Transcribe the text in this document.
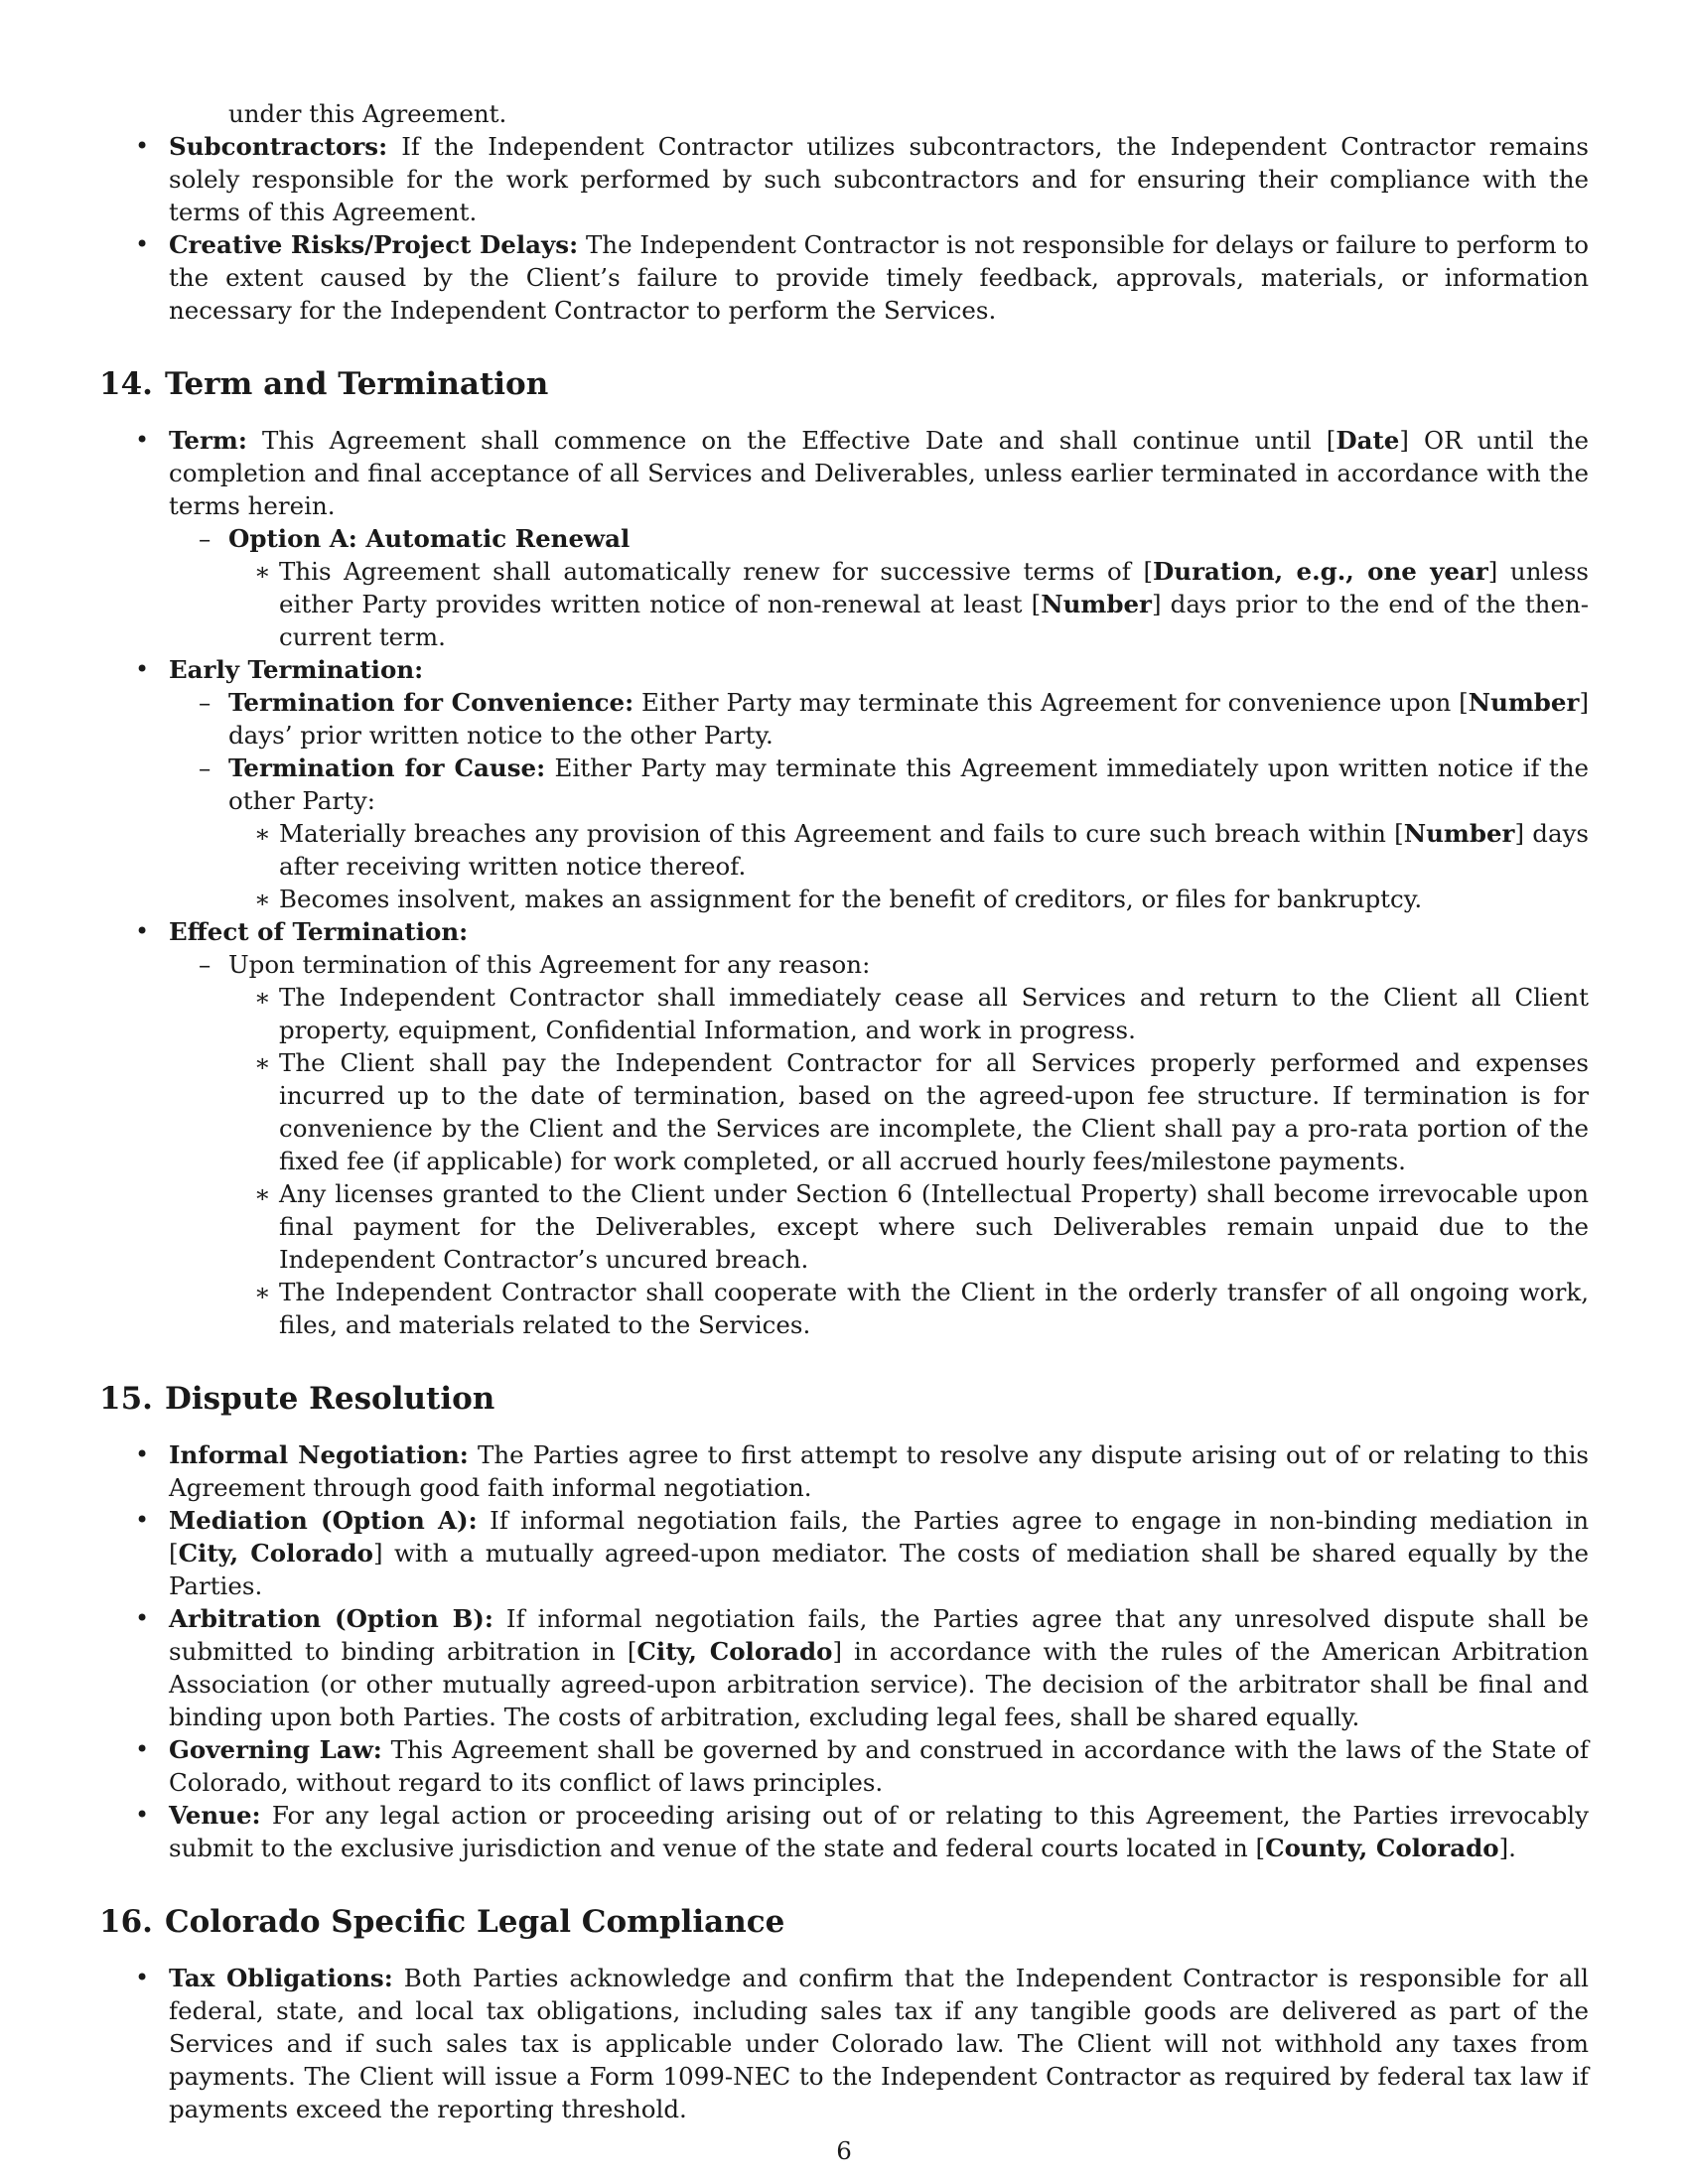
under this Agreement.

• Subcontractors: If the Independent Contractor utilizes subcontractors, the Independent Contractor remains solely responsible for the work performed by such subcontractors and for ensuring their compliance with the terms of this Agreement.
• Creative Risks/Project Delays: The Independent Contractor is not responsible for delays or failure to perform to the extent caused by the Client’s failure to provide timely feedback, approvals, materials, or information necessary for the Independent Contractor to perform the Services.
14. Term and Termination
• Term: This Agreement shall commence on the Effective Date and shall continue until [Date] OR until the completion and final acceptance of all Services and Deliverables, unless earlier terminated in accordance with the terms herein.
– Option A: Automatic Renewal
∗ This Agreement shall automatically renew for successive terms of [Duration, e.g., one year] unless either Party provides written notice of non-renewal at least [Number] days prior to the end of the then-current term.
• Early Termination:
– Termination for Convenience: Either Party may terminate this Agreement for convenience upon [Number] days’ prior written notice to the other Party.
– Termination for Cause: Either Party may terminate this Agreement immediately upon written notice if the other Party:
∗ Materially breaches any provision of this Agreement and fails to cure such breach within [Number] days after receiving written notice thereof.
∗ Becomes insolvent, makes an assignment for the benefit of creditors, or files for bankruptcy.
• Effect of Termination:
– Upon termination of this Agreement for any reason:
∗ The Independent Contractor shall immediately cease all Services and return to the Client all Client property, equipment, Confidential Information, and work in progress.
∗ The Client shall pay the Independent Contractor for all Services properly performed and expenses incurred up to the date of termination, based on the agreed-upon fee structure. If termination is for convenience by the Client and the Services are incomplete, the Client shall pay a pro-rata portion of the fixed fee (if applicable) for work completed, or all accrued hourly fees/milestone payments.
∗ Any licenses granted to the Client under Section 6 (Intellectual Property) shall become irrevocable upon final payment for the Deliverables, except where such Deliverables remain unpaid due to the Independent Contractor’s uncured breach.
∗ The Independent Contractor shall cooperate with the Client in the orderly transfer of all ongoing work, files, and materials related to the Services.
15. Dispute Resolution
• Informal Negotiation: The Parties agree to first attempt to resolve any dispute arising out of or relating to this Agreement through good faith informal negotiation.
• Mediation (Option A): If informal negotiation fails, the Parties agree to engage in non-binding mediation in [City, Colorado] with a mutually agreed-upon mediator. The costs of mediation shall be shared equally by the Parties.
• Arbitration (Option B): If informal negotiation fails, the Parties agree that any unresolved dispute shall be submitted to binding arbitration in [City, Colorado] in accordance with the rules of the American Arbitration Association (or other mutually agreed-upon arbitration service). The decision of the arbitrator shall be final and binding upon both Parties. The costs of arbitration, excluding legal fees, shall be shared equally.
• Governing Law: This Agreement shall be governed by and construed in accordance with the laws of the State of Colorado, without regard to its conflict of laws principles.
• Venue: For any legal action or proceeding arising out of or relating to this Agreement, the Parties irrevocably submit to the exclusive jurisdiction and venue of the state and federal courts located in [County, Colorado].
16. Colorado Specific Legal Compliance
• Tax Obligations: Both Parties acknowledge and confirm that the Independent Contractor is responsible for all federal, state, and local tax obligations, including sales tax if any tangible goods are delivered as part of the Services and if such sales tax is applicable under Colorado law. The Client will not withhold any taxes from payments. The Client will issue a Form 1099-NEC to the Independent Contractor as required by federal tax law if payments exceed the reporting threshold.
6
